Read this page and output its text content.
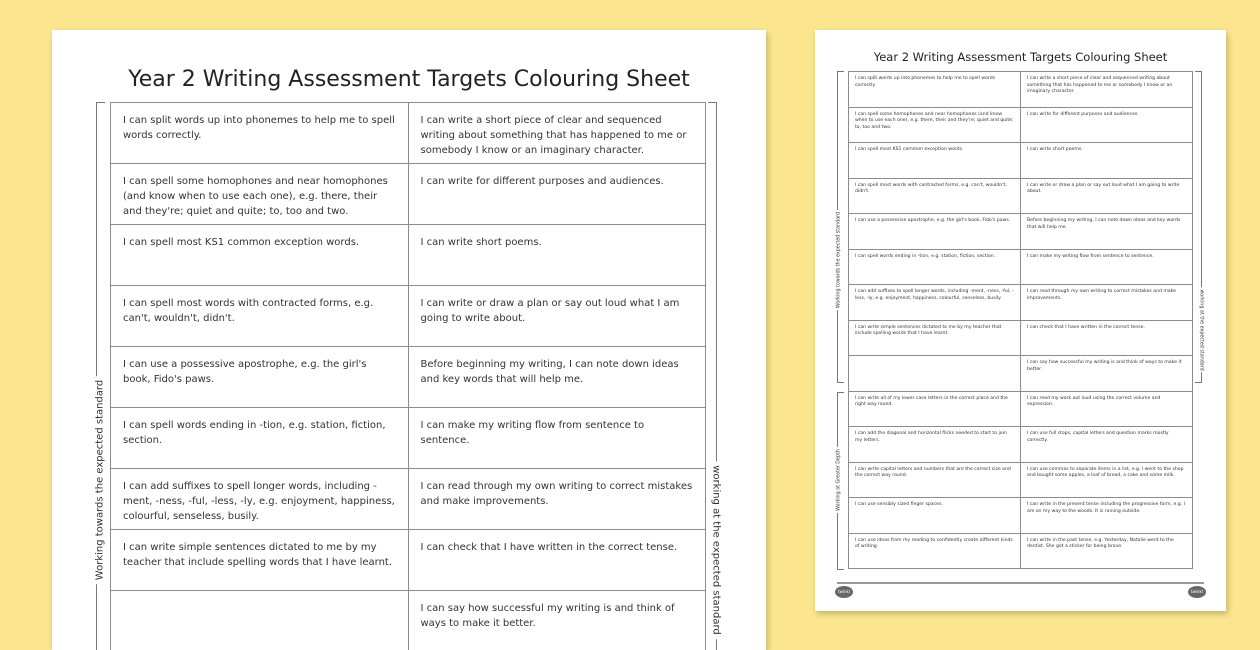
Year 2 Writing Assessment Targets Colouring Sheet
Working towards the expected standard	working at the expected standard
I can split words up into phonemes to help me to spell words correctly.	I can write a short piece of clear and sequenced writing about something that has happened to me or somebody I know or an imaginary character.
I can spell some homophones and near homophones (and know when to use each one), e.g. there, their and they're; quiet and quite; to, too and two.	I can write for different purposes and audiences.
I can spell most KS1 common exception words.	I can write short poems.
I can spell most words with contracted forms, e.g. can't, wouldn't, didn't.	I can write or draw a plan or say out loud what I am going to write about.
I can use a possessive apostrophe, e.g. the girl's book, Fido's paws.	Before beginning my writing, I can note down ideas and key words that will help me.
I can spell words ending in -tion, e.g. station, fiction, section.	I can make my writing flow from sentence to sentence.
I can add suffixes to spell longer words, including -ment, -ness, -ful, -less, -ly, e.g. enjoyment, happiness, colourful, senseless, busily.	I can read through my own writing to correct mistakes and make improvements.
I can write simple sentences dictated to me by my teacher that include spelling words that I have learnt.	I can check that I have written in the correct tense.
	I can say how successful my writing is and think of ways to make it better.
Year 2 Writing Assessment Targets Colouring Sheet
Working towards the expected standard
Working at Greater Depth
working at the expected standard
I can split words up into phonemes to help me to spell words correctly.	I can write a short piece of clear and sequenced writing about something that has happened to me or somebody I know or an imaginary character.
I can spell some homophones and near homophones (and know when to use each one), e.g. there, their and they're; quiet and quite; to, too and two.	I can write for different purposes and audiences.
I can spell most KS1 common exception words.	I can write short poems.
I can spell most words with contracted forms, e.g. can't, wouldn't, didn't.	I can write or draw a plan or say out loud what I am going to write about.
I can use a possessive apostrophe, e.g. the girl's book, Fido's paws.	Before beginning my writing, I can note down ideas and key words that will help me.
I can spell words ending in -tion, e.g. station, fiction, section.	I can make my writing flow from sentence to sentence.
I can add suffixes to spell longer words, including -ment, -ness, -ful, -less, -ly, e.g. enjoyment, happiness, colourful, senseless, busily.	I can read through my own writing to correct mistakes and make improvements.
I can write simple sentences dictated to me by my teacher that include spelling words that I have learnt.	I can check that I have written in the correct tense.
	I can say how successful my writing is and think of ways to make it better.
I can write all of my lower case letters in the correct place and the right way round.	I can read my work out loud using the correct volume and expression.
I can add the diagonal and horizontal flicks needed to start to join my letters.	I can use full stops, capital letters and question marks mostly correctly.
I can write capital letters and numbers that are the correct size and the correct way round.	I can use commas to separate items in a list, e.g. I went to the shop and bought some apples, a loaf of bread, a cake and some milk.
I can use sensibly sized finger spaces.	I can write in the present tense including the progressive form, e.g. I am on my way to the woods. It is raining outside.
I can use ideas from my reading to confidently create different kinds of writing.	I can write in the past tense, e.g. Yesterday, Natalie went to the dentist. She got a sticker for being brave.
twinkl	twinkl
